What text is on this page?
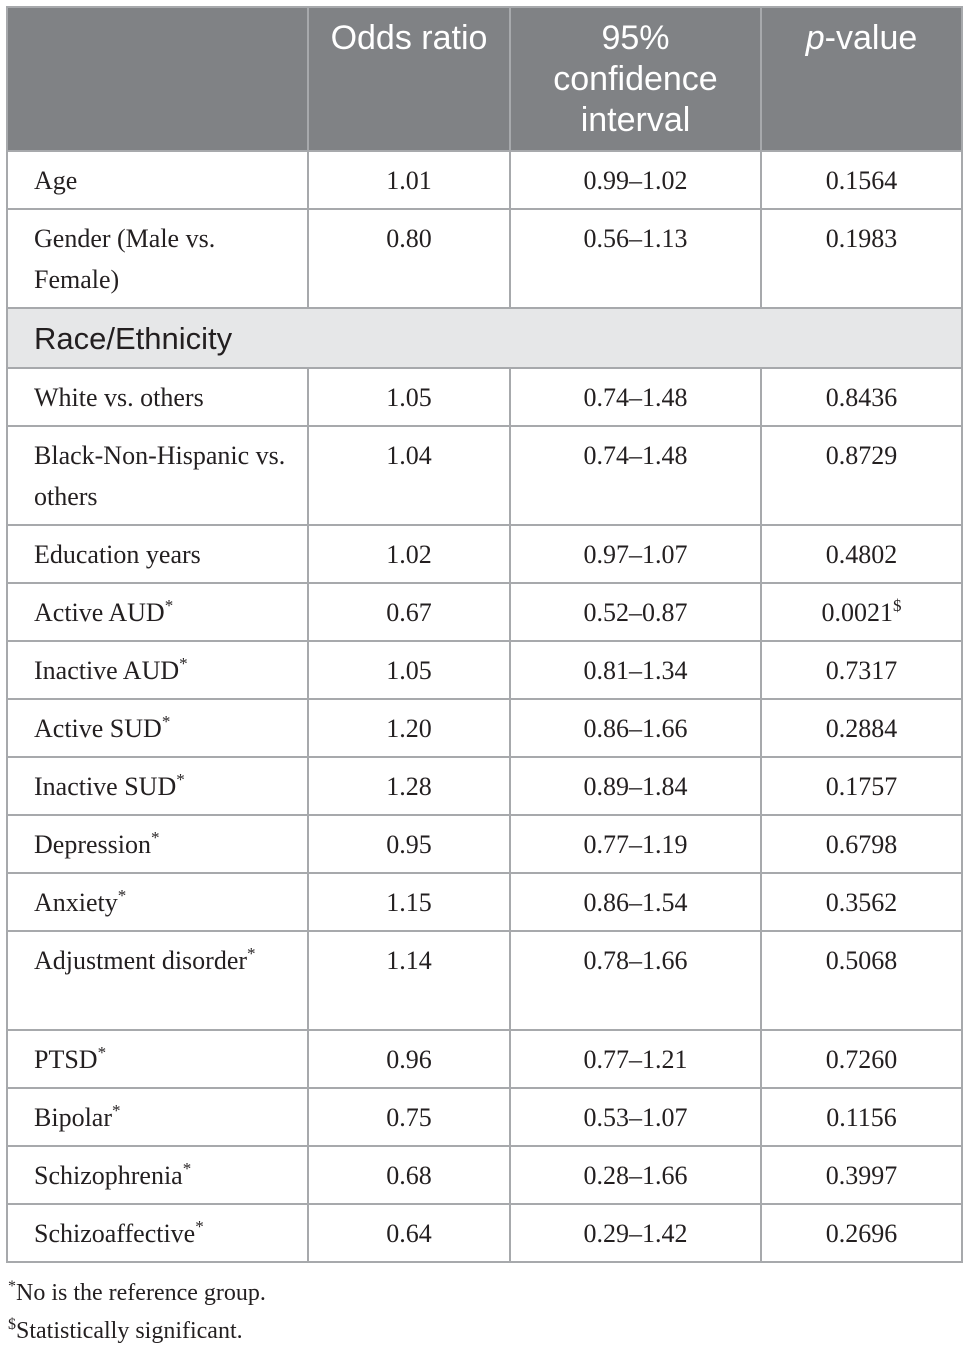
	Odds ratio	95% confidence interval	p-value
Age	1.01	0.99–1.02	0.1564
Gender (Male vs. Female)	0.80	0.56–1.13	0.1983
Race/Ethnicity			
White vs. others	1.05	0.74–1.48	0.8436
Black-Non-Hispanic vs. others	1.04	0.74–1.48	0.8729
Education years	1.02	0.97–1.07	0.4802
Active AUD*	0.67	0.52–0.87	0.0021$
Inactive AUD*	1.05	0.81–1.34	0.7317
Active SUD*	1.20	0.86–1.66	0.2884
Inactive SUD*	1.28	0.89–1.84	0.1757
Depression*	0.95	0.77–1.19	0.6798
Anxiety*	1.15	0.86–1.54	0.3562
Adjustment disorder*	1.14	0.78–1.66	0.5068
PTSD*	0.96	0.77–1.21	0.7260
Bipolar*	0.75	0.53–1.07	0.1156
Schizophrenia*	0.68	0.28–1.66	0.3997
Schizoaffective*	0.64	0.29–1.42	0.2696
*No is the reference group.
$Statistically significant.
